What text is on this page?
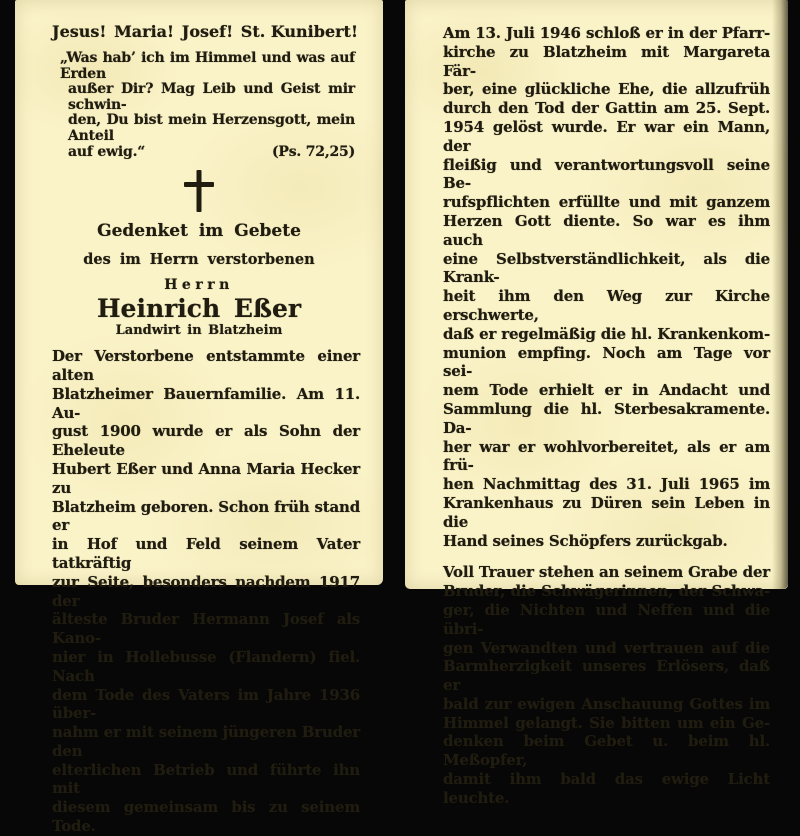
Jesus! Maria! Josef! St. Kunibert!
„Was hab’ ich im Himmel und was auf Erden
außer Dir? Mag Leib und Geist mir schwin-
den, Du bist mein Herzensgott, mein Anteil
auf ewig.“	(Ps. 72,25)
Gedenket im Gebete
des im Herrn verstorbenen
Herrn
Heinrich Eßer
Landwirt in Blatzheim
Der Verstorbene entstammte einer alten
Blatzheimer Bauernfamilie. Am 11. Au-
gust 1900 wurde er als Sohn der Eheleute
Hubert Eßer und Anna Maria Hecker zu
Blatzheim geboren. Schon früh stand er
in Hof und Feld seinem Vater tatkräftig
zur Seite, besonders nachdem 1917 der
älteste Bruder Hermann Josef als Kano-
nier in Hollebusse (Flandern) fiel. Nach
dem Tode des Vaters im Jahre 1936 über-
nahm er mit seinem jüngeren Bruder den
elterlichen Betrieb und führte ihn mit
diesem gemeinsam bis zu seinem Tode.
Am 13. Juli 1946 schloß er in der Pfarr-
kirche zu Blatzheim mit Margareta Fär-
ber, eine glückliche Ehe, die allzufrüh
durch den Tod der Gattin am 25. Sept.
1954 gelöst wurde. Er war ein Mann, der
fleißig und verantwortungsvoll seine Be-
rufspflichten erfüllte und mit ganzem
Herzen Gott diente. So war es ihm auch
eine Selbstverständlichkeit, als die Krank-
heit ihm den Weg zur Kirche erschwerte,
daß er regelmäßig die hl. Krankenkom-
munion empfing. Noch am Tage vor sei-
nem Tode erhielt er in Andacht und
Sammlung die hl. Sterbesakramente. Da-
her war er wohlvorbereitet, als er am frü-
hen Nachmittag des 31. Juli 1965 im
Krankenhaus zu Düren sein Leben in die
Hand seines Schöpfers zurückgab.
Voll Trauer stehen an seinem Grabe der
Bruder, die Schwägerinnen, der Schwa-
ger, die Nichten und Neffen und die übri-
gen Verwandten und vertrauen auf die
Barmherzigkeit unseres Erlösers, daß er
bald zur ewigen Anschauung Gottes im
Himmel gelangt. Sie bitten um ein Ge-
denken beim Gebet u. beim hl. Meßopfer,
damit ihm bald das ewige Licht leuchte.
